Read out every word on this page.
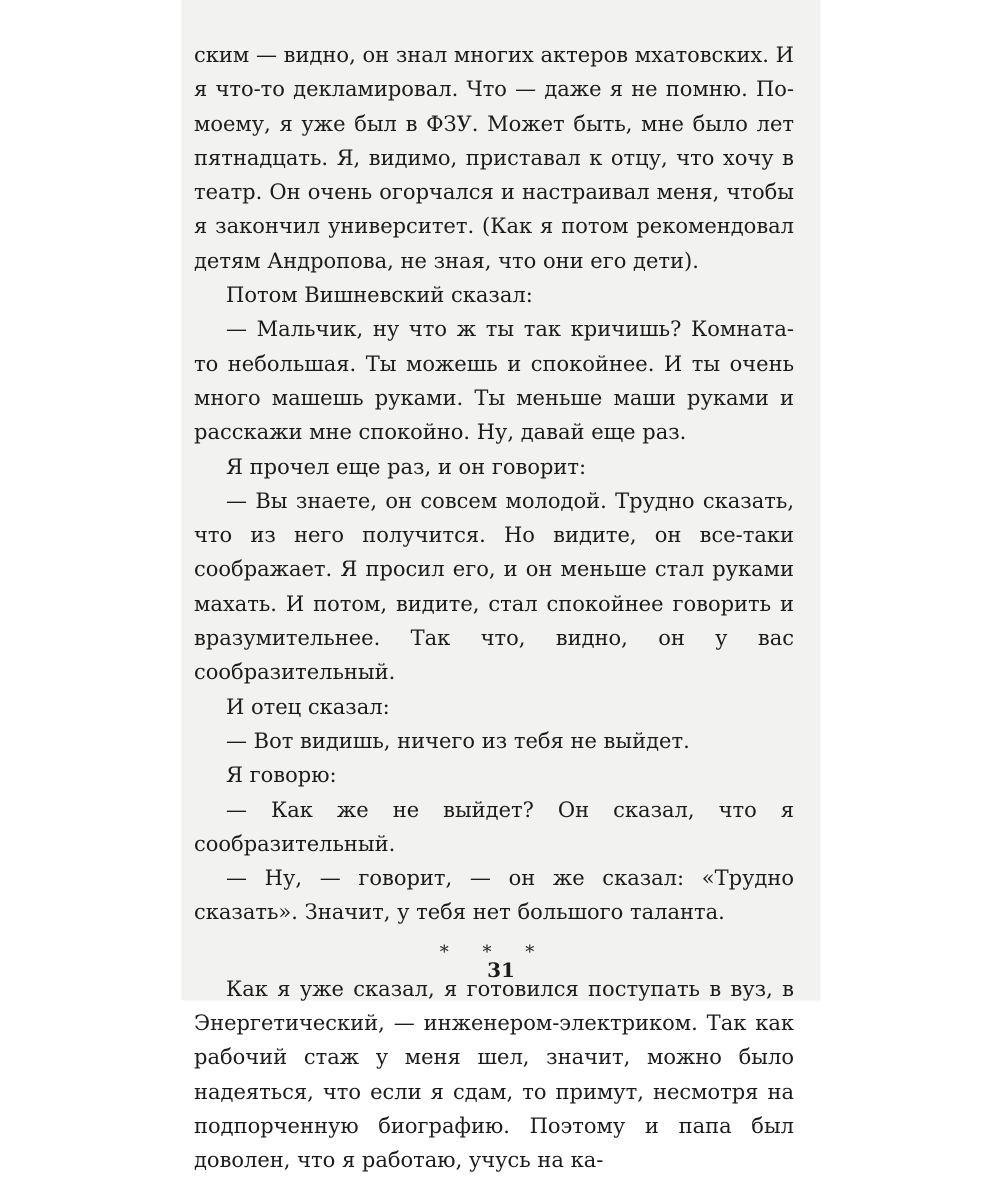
ским — видно, он знал многих актеров мхатовских. И я что-то декламировал. Что — даже я не помню. По-моему, я уже был в ФЗУ. Может быть, мне было лет пятнадцать. Я, видимо, приставал к отцу, что хочу в театр. Он очень огорчался и настраивал меня, чтобы я закончил университет. (Как я потом рекомендовал детям Андропова, не зная, что они его дети).

Потом Вишневский сказал:

— Мальчик, ну что ж ты так кричишь? Комната-то небольшая. Ты можешь и спокойнее. И ты очень много машешь руками. Ты меньше маши руками и расскажи мне спокойно. Ну, давай еще раз.

Я прочел еще раз, и он говорит:

— Вы знаете, он совсем молодой. Трудно сказать, что из него получится. Но видите, он все-таки соображает. Я просил его, и он меньше стал руками махать. И потом, видите, стал спокойнее говорить и вразумительнее. Так что, видно, он у вас сообразительный.

И отец сказал:

— Вот видишь, ничего из тебя не выйдет.

Я говорю:

— Как же не выйдет? Он сказал, что я сообразительный.

— Ну, — говорит, — он же сказал: «Трудно сказать». Значит, у тебя нет большого таланта.

* * *

Как я уже сказал, я готовился поступать в вуз, в Энергетический, — инженером-электриком. Так как рабочий стаж у меня шел, значит, можно было надеяться, что если я сдам, то примут, несмотря на подпорченную биографию. Поэтому и папа был доволен, что я работаю, учусь на ка-

31
